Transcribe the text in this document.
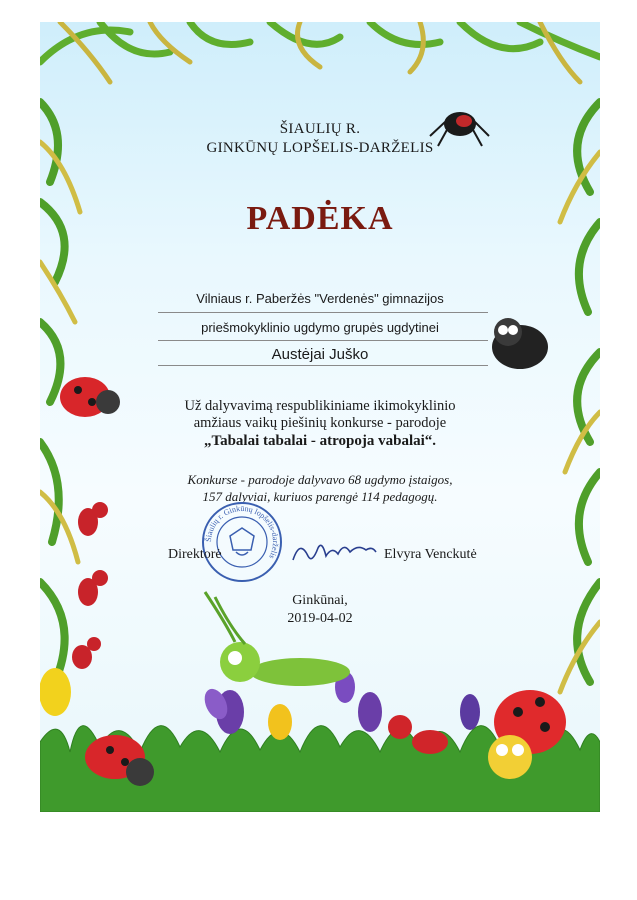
ŠIAULIŲ R.
GINKŪNŲ LOPŠELIS-DARŽELIS
PADĖKA
Vilniaus r. Paberžės "Verdenės" gimnazijos
priešmokyklinio ugdymo grupės ugdytinei
Austėjai Juško
Už dalyvavimą respublikiniame ikimokyklinio
amžiaus vaikų piešinių konkurse - parodoje
„Tabalai tabalai - atropoja vabalai“.
Konkurse - parodoje dalyvavo 68 ugdymo įstaigos,
157 dalyviai, kuriuos parengė 114 pedagogų.
Šiaulių r. Ginkūnų lopšelis-darželis
Direktorė	Elvyra Venckutė
Ginkūnai,
2019-04-02
